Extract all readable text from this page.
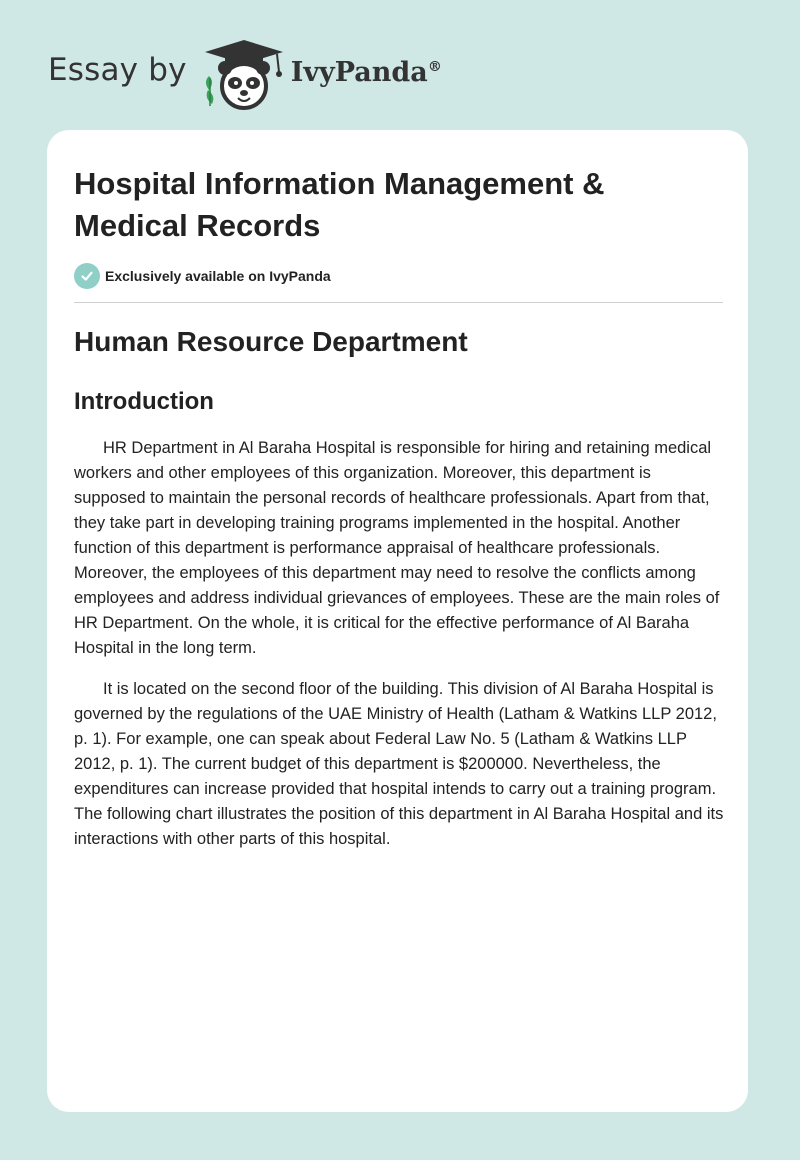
Essay by	IvyPanda®
Hospital Information Management & Medical Records
Exclusively available on IvyPanda
Human Resource Department
Introduction

HR Department in Al Baraha Hospital is responsible for hiring and retaining medical workers and other employees of this organization. Moreover, this department is supposed to maintain the personal records of healthcare professionals. Apart from that, they take part in developing training programs implemented in the hospital. Another function of this department is performance appraisal of healthcare professionals. Moreover, the employees of this department may need to resolve the conflicts among employees and address individual grievances of employees. These are the main roles of HR Department. On the whole, it is critical for the effective performance of Al Baraha Hospital in the long term.

It is located on the second floor of the building. This division of Al Baraha Hospital is governed by the regulations of the UAE Ministry of Health (Latham & Watkins LLP 2012, p. 1). For example, one can speak about Federal Law No. 5 (Latham & Watkins LLP 2012, p. 1). The current budget of this department is $200000. Nevertheless, the expenditures can increase provided that hospital intends to carry out a training program. The following chart illustrates the position of this department in Al Baraha Hospital and its interactions with other parts of this hospital.
